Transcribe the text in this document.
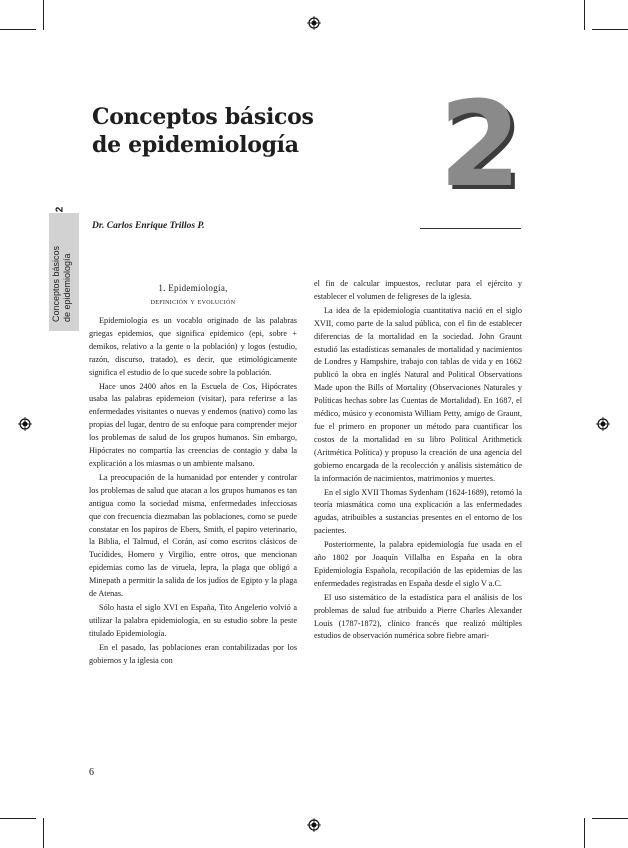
2
Conceptos básicos de epidemiología
Conceptos básicos
de epidemiología 2
Dr. Carlos Enrique Trillos P.
1. Epidemiología,
definición y evolución

Epidemiología es un vocablo originado de las palabras griegas epidemios, que significa epidemico (epi, sobre + demikos, relativo a la gente o la población) y logos (estudio, razón, discurso, tratado), es decir, que etimológicamente significa el estudio de lo que sucede sobre la población.

Hace unos 2400 años en la Escuela de Cos, Hipócrates usaba las palabras epidemeion (visitar), para referirse a las enfermedades visitantes o nuevas y endemos (nativo) como las propias del lugar, dentro de su enfoque para comprender mejor los problemas de salud de los grupos humanos. Sin embargo, Hipócrates no compartía las creencias de contagio y daba la explicación a los miasmas o un ambiente malsano.

La preocupación de la humanidad por entender y controlar los problemas de salud que atacan a los grupos humanos es tan antigua como la sociedad misma, enfermedades infecciosas que con frecuencia diezmaban las poblaciones, como se puede constatar en los papiros de Ebers, Smith, el papiro veterinario, la Biblia, el Talmud, el Corán, así como escritos clásicos de Tucídides, Homero y Virgilio, entre otros, que mencionan epidemias como las de viruela, lepra, la plaga que obligó a Minepath a permitir la salida de los judíos de Egipto y la plaga de Atenas.

Sólo hasta el siglo XVI en España, Tito Angelerio volvió a utilizar la palabra epidemiología, en su estudio sobre la peste titulado Epidemiología.

En el pasado, las poblaciones eran contabilizadas por los gobiernos y la iglesia con

el fin de calcular impuestos, reclutar para el ejército y establecer el volumen de feligreses de la iglesia.

La idea de la epidemiología cuantitativa nació en el siglo XVII, como parte de la salud pública, con el fin de establecer diferencias de la mortalidad en la sociedad. John Graunt estudió las estadísticas semanales de mortalidad y nacimientos de Londres y Hampshire, trabajo con tablas de vida y en 1662 publicó la obra en inglés Natural and Political Observations Made upon the Bills of Mortality (Observaciones Naturales y Políticas hechas sobre las Cuentas de Mortalidad). En 1687, el médico, músico y economista William Petty, amigo de Graunt, fue el primero en proponer un método para cuantificar los costos de la mortalidad en su libro Political Arithmetick (Aritmética Política) y propuso la creación de una agencia del gobierno encargada de la recolección y análisis sistemático de la información de nacimientos, matrimonios y muertes.

En el siglo XVII Thomas Sydenham (1624-1689), retomó la teoría miasmática como una explicación a las enfermedades agudas, atribuibles a sustancias presentes en el entorno de los pacientes.

Posteriormente, la palabra epidemiología fue usada en el año 1802 por Joaquín Villalba en España en la obra Epidemiología Española, recopilación de las epidemias de las enfermedades registradas en España desde el siglo V a.C.

El uso sistemático de la estadística para el análisis de los problemas de salud fue atribuido a Pierre Charles Alexander Louis (1787-1872), clínico francés que realizó múltiples estudios de observación numérica sobre fiebre amari-

6
